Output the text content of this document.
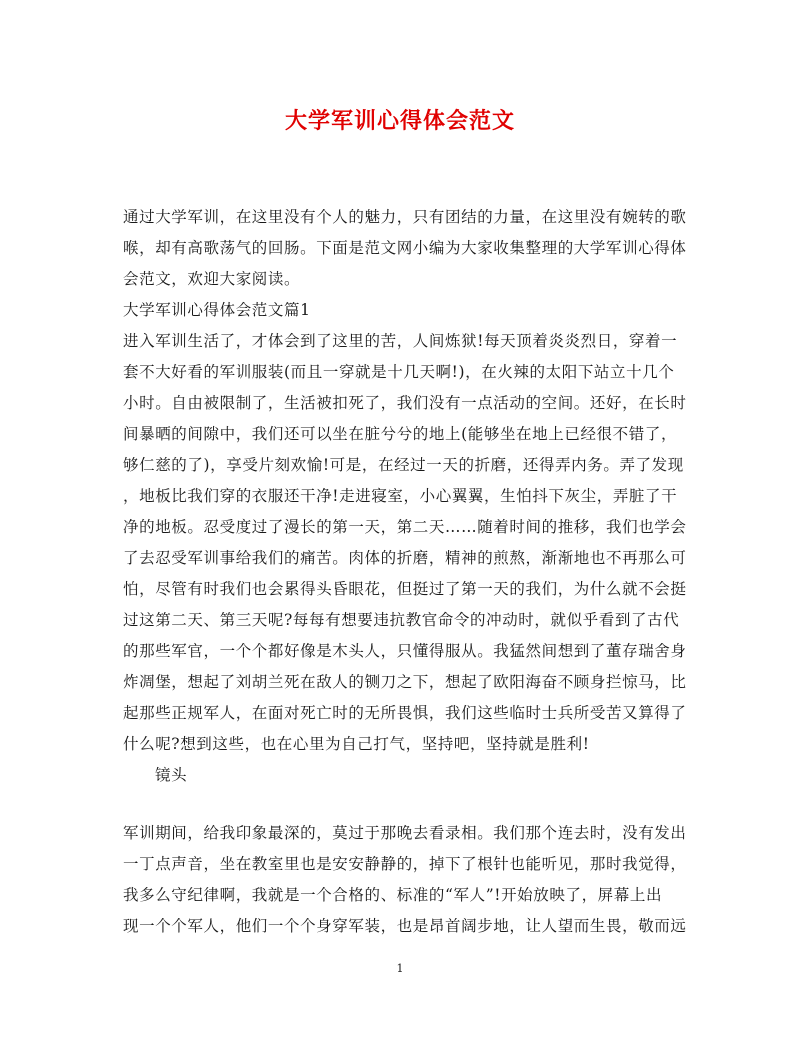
大学军训心得体会范文
通过大学军训，在这里没有个人的魅力，只有团结的力量，在这里没有婉转的歌
喉，却有高歌荡气的回肠。下面是范文网小编为大家收集整理的大学军训心得体
会范文，欢迎大家阅读。
大学军训心得体会范文篇1
进入军训生活了，才体会到了这里的苦，人间炼狱!每天顶着炎炎烈日，穿着一
套不大好看的军训服装(而且一穿就是十几天啊!)，在火辣的太阳下站立十几个
小时。自由被限制了，生活被扣死了，我们没有一点活动的空间。还好，在长时
间暴晒的间隙中，我们还可以坐在脏兮兮的地上(能够坐在地上已经很不错了，
够仁慈的了)，享受片刻欢愉!可是，在经过一天的折磨，还得弄内务。弄了发现
，地板比我们穿的衣服还干净!走进寝室，小心翼翼，生怕抖下灰尘，弄脏了干
净的地板。忍受度过了漫长的第一天，第二天……随着时间的推移，我们也学会
了去忍受军训事给我们的痛苦。肉体的折磨，精神的煎熬，渐渐地也不再那么可
怕，尽管有时我们也会累得头昏眼花，但挺过了第一天的我们，为什么就不会挺
过这第二天、第三天呢?每每有想要违抗教官命令的冲动时，就似乎看到了古代
的那些军官，一个个都好像是木头人，只懂得服从。我猛然间想到了董存瑞舍身
炸凋堡，想起了刘胡兰死在敌人的铡刀之下，想起了欧阳海奋不顾身拦惊马，比
起那些正规军人，在面对死亡时的无所畏惧，我们这些临时士兵所受苦又算得了
什么呢?想到这些，也在心里为自己打气，坚持吧，坚持就是胜利!
镜头
军训期间，给我印象最深的，莫过于那晚去看录相。我们那个连去时，没有发出
一丁点声音，坐在教室里也是安安静静的，掉下了根针也能听见，那时我觉得，
我多么守纪律啊，我就是一个合格的、标准的“军人”!开始放映了，屏幕上出
现一个个军人，他们一个个身穿军装，也是昂首阔步地，让人望而生畏，敬而远
1
